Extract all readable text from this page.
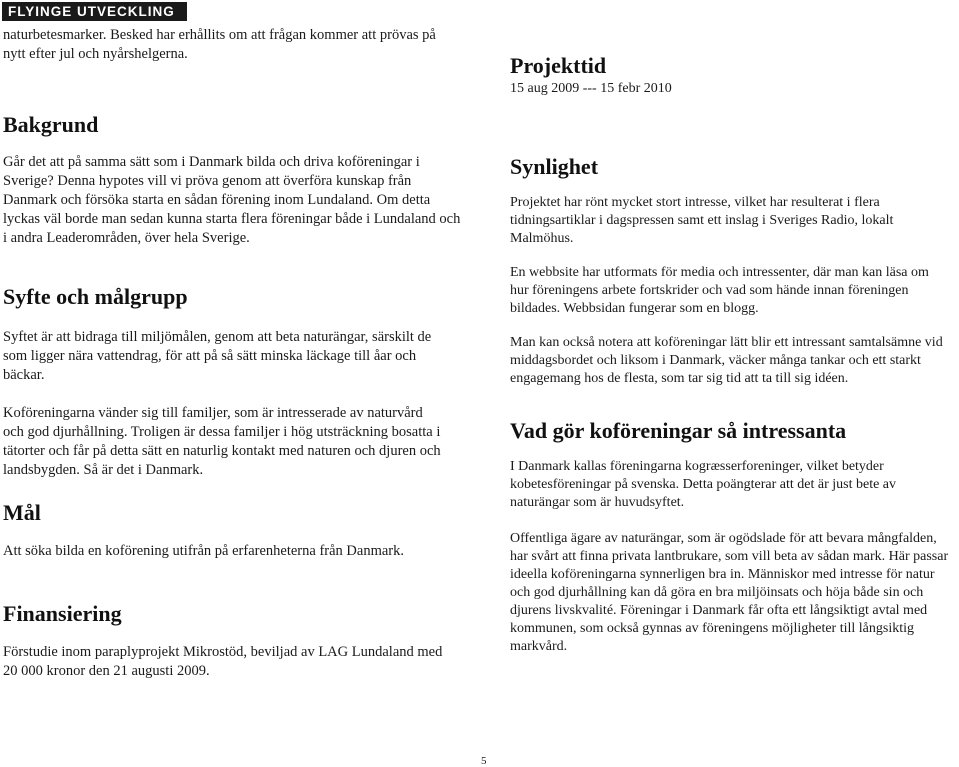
FLYINGE UTVECKLING

naturbetesmarker. Besked har erhållits om att frågan kommer att prövas på nytt efter jul och nyårshelgerna.

Bakgrund

Går det att på samma sätt som i Danmark bilda och driva koföreningar i Sverige? Denna hypotes vill vi pröva genom att överföra kunskap från Danmark och försöka starta en sådan förening inom Lundaland. Om detta lyckas väl borde man sedan kunna starta flera föreningar både i Lundaland och i andra Leaderområden, över hela Sverige.

Syfte och målgrupp

Syftet är att bidraga till miljömålen, genom att beta naturängar, särskilt de som ligger nära vattendrag, för att på så sätt minska läckage till åar och bäckar.

Koföreningarna vänder sig till familjer, som är intresserade av naturvård och god djurhållning. Troligen är dessa familjer i hög utsträckning bosatta i tätorter och får på detta sätt en naturlig kontakt med naturen och djuren och landsbygden. Så är det i Danmark.

Mål

Att söka bilda en koförening utifrån på erfarenheterna från Danmark.

Finansiering

Förstudie inom paraplyprojekt Mikrostöd, beviljad av LAG Lundaland med 20 000 kronor den 21 augusti 2009.

Projekttid

15 aug 2009 --- 15 febr 2010

Synlighet

Projektet har rönt mycket stort intresse, vilket har resulterat i flera tidningsartiklar i dagspressen samt ett inslag i Sveriges Radio, lokalt Malmöhus.

En webbsite har utformats för media och intressenter, där man kan läsa om hur föreningens arbete fortskrider och vad som hände innan föreningen bildades. Webbsidan fungerar som en blogg.

Man kan också notera att koföreningar lätt blir ett intressant samtalsämne vid middagsbordet och liksom i Danmark, väcker många tankar och ett starkt engagemang hos de flesta, som tar sig tid att ta till sig idéen.

Vad gör koföreningar så intressanta

I Danmark kallas föreningarna kogræsserforeninger, vilket betyder kobetesföreningar på svenska. Detta poängterar att det är just bete av naturängar som är huvudsyftet.

Offentliga ägare av naturängar, som är ogödslade för att bevara mångfalden, har svårt att finna privata lantbrukare, som vill beta av sådan mark. Här passar ideella koföreningarna synnerligen bra in. Människor med intresse för natur och god djurhållning kan då göra en bra miljöinsats och höja både sin och djurens livskvalité. Föreningar i Danmark får ofta ett långsiktigt avtal med kommunen, som också gynnas av föreningens möjligheter till långsiktig markvård.

5
